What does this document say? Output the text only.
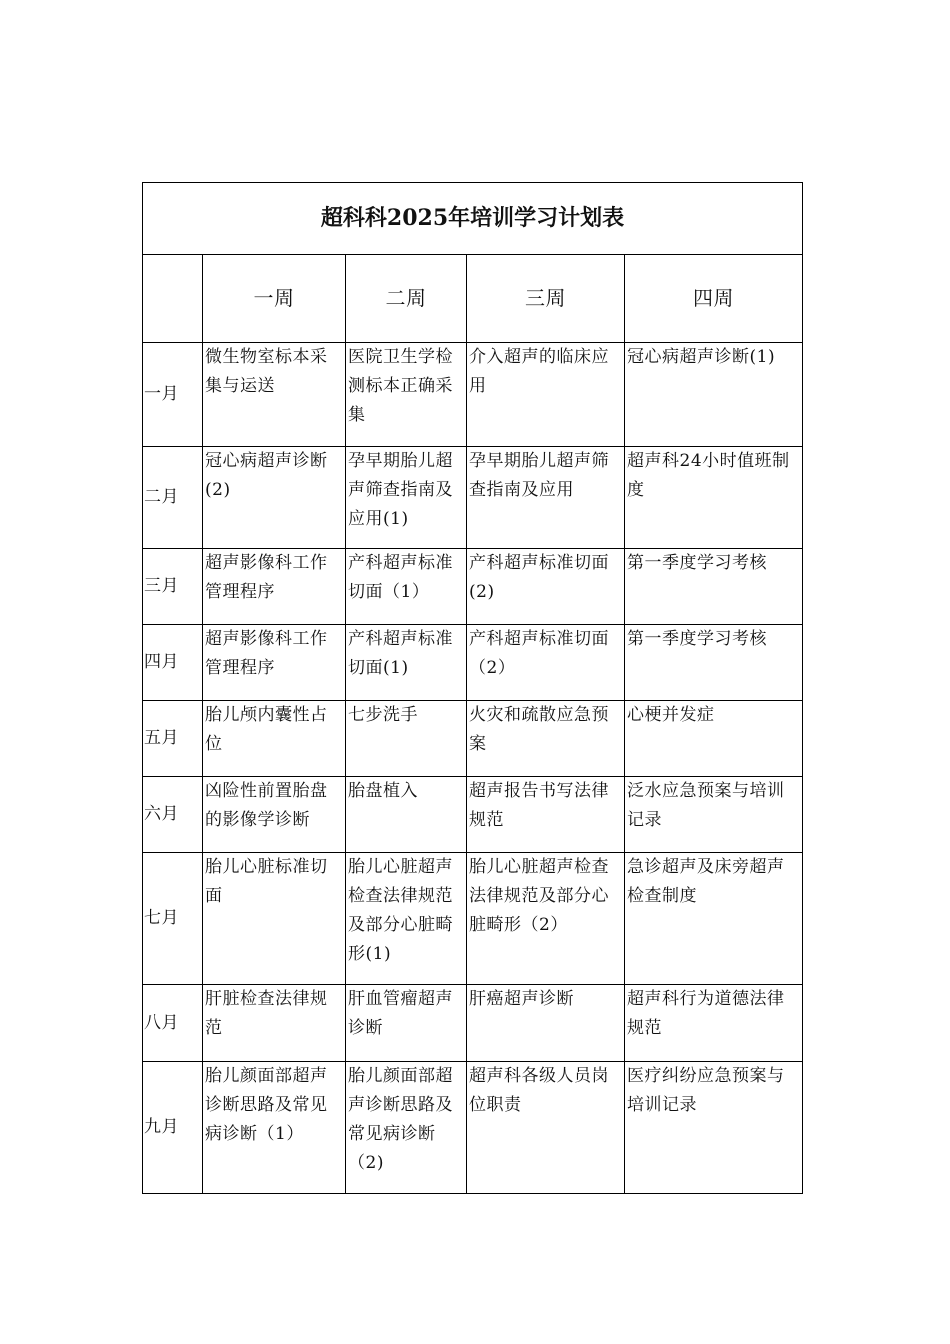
超科科2025年培训学习计划表				
	一周	二周	三周	四周
一月	微生物室标本采集与运送	医院卫生学检测标本正确采集	介入超声的临床应用	冠心病超声诊断(1)
二月	冠心病超声诊断(2)	孕早期胎儿超声筛查指南及应用(1)	孕早期胎儿超声筛查指南及应用	超声科24小时值班制度
三月	超声影像科工作管理程序	产科超声标准切面（1）	产科超声标准切面(2)	第一季度学习考核
四月	超声影像科工作管理程序	产科超声标准切面(1)	产科超声标准切面（2）	第一季度学习考核
五月	胎儿颅内囊性占位	七步洗手	火灾和疏散应急预案	心梗并发症
六月	凶险性前置胎盘的影像学诊断	胎盘植入	超声报告书写法律规范	泛水应急预案与培训记录
七月	胎儿心脏标准切面	胎儿心脏超声检查法律规范及部分心脏畸形(1)	胎儿心脏超声检查法律规范及部分心脏畸形（2）	急诊超声及床旁超声检查制度
八月	肝脏检查法律规范	肝血管瘤超声诊断	肝癌超声诊断	超声科行为道德法律规范
九月	胎儿颜面部超声诊断思路及常见病诊断（1）	胎儿颜面部超声诊断思路及常见病诊断（2)	超声科各级人员岗位职责	医疗纠纷应急预案与培训记录
